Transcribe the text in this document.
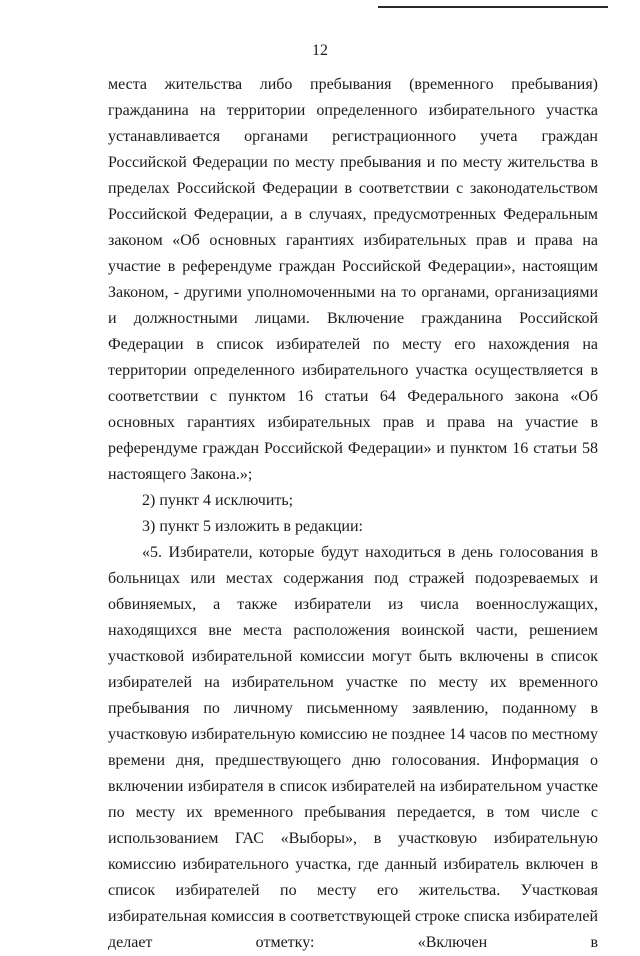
12

места жительства либо пребывания (временного пребывания) гражданина на территории определенного избирательного участка устанавливается органами регистрационного учета граждан Российской Федерации по месту пребывания и по месту жительства в пределах Российской Федерации в соответствии с законодательством Российской Федерации, а в случаях, предусмотренных Федеральным законом «Об основных гарантиях избирательных прав и права на участие в референдуме граждан Российской Федерации», настоящим Законом, - другими уполномоченными на то органами, организациями и должностными лицами. Включение гражданина Российской Федерации в список избирателей по месту его нахождения на территории определенного избирательного участка осуществляется в соответствии с пунктом 16 статьи 64 Федерального закона «Об основных гарантиях избирательных прав и права на участие в референдуме граждан Российской Федерации» и пунктом 16 статьи 58 настоящего Закона.»;

2) пункт 4 исключить;

3) пункт 5 изложить в редакции:

«5. Избиратели, которые будут находиться в день голосования в больницах или местах содержания под стражей подозреваемых и обвиняемых, а также избиратели из числа военнослужащих, находящихся вне места расположения воинской части, решением участковой избирательной комиссии могут быть включены в список избирателей на избирательном участке по месту их временного пребывания по личному письменному заявлению, поданному в участковую избирательную комиссию не позднее 14 часов по местному времени дня, предшествующего дню голосования. Информация о включении избирателя в список избирателей на избирательном участке по месту их временного пребывания передается, в том числе с использованием ГАС «Выборы», в участковую избирательную комиссию избирательного участка, где данный избиратель включен в список избирателей по месту его жительства. Участковая избирательная комиссия в соответствующей строке списка избирателей делает отметку: «Включен в
